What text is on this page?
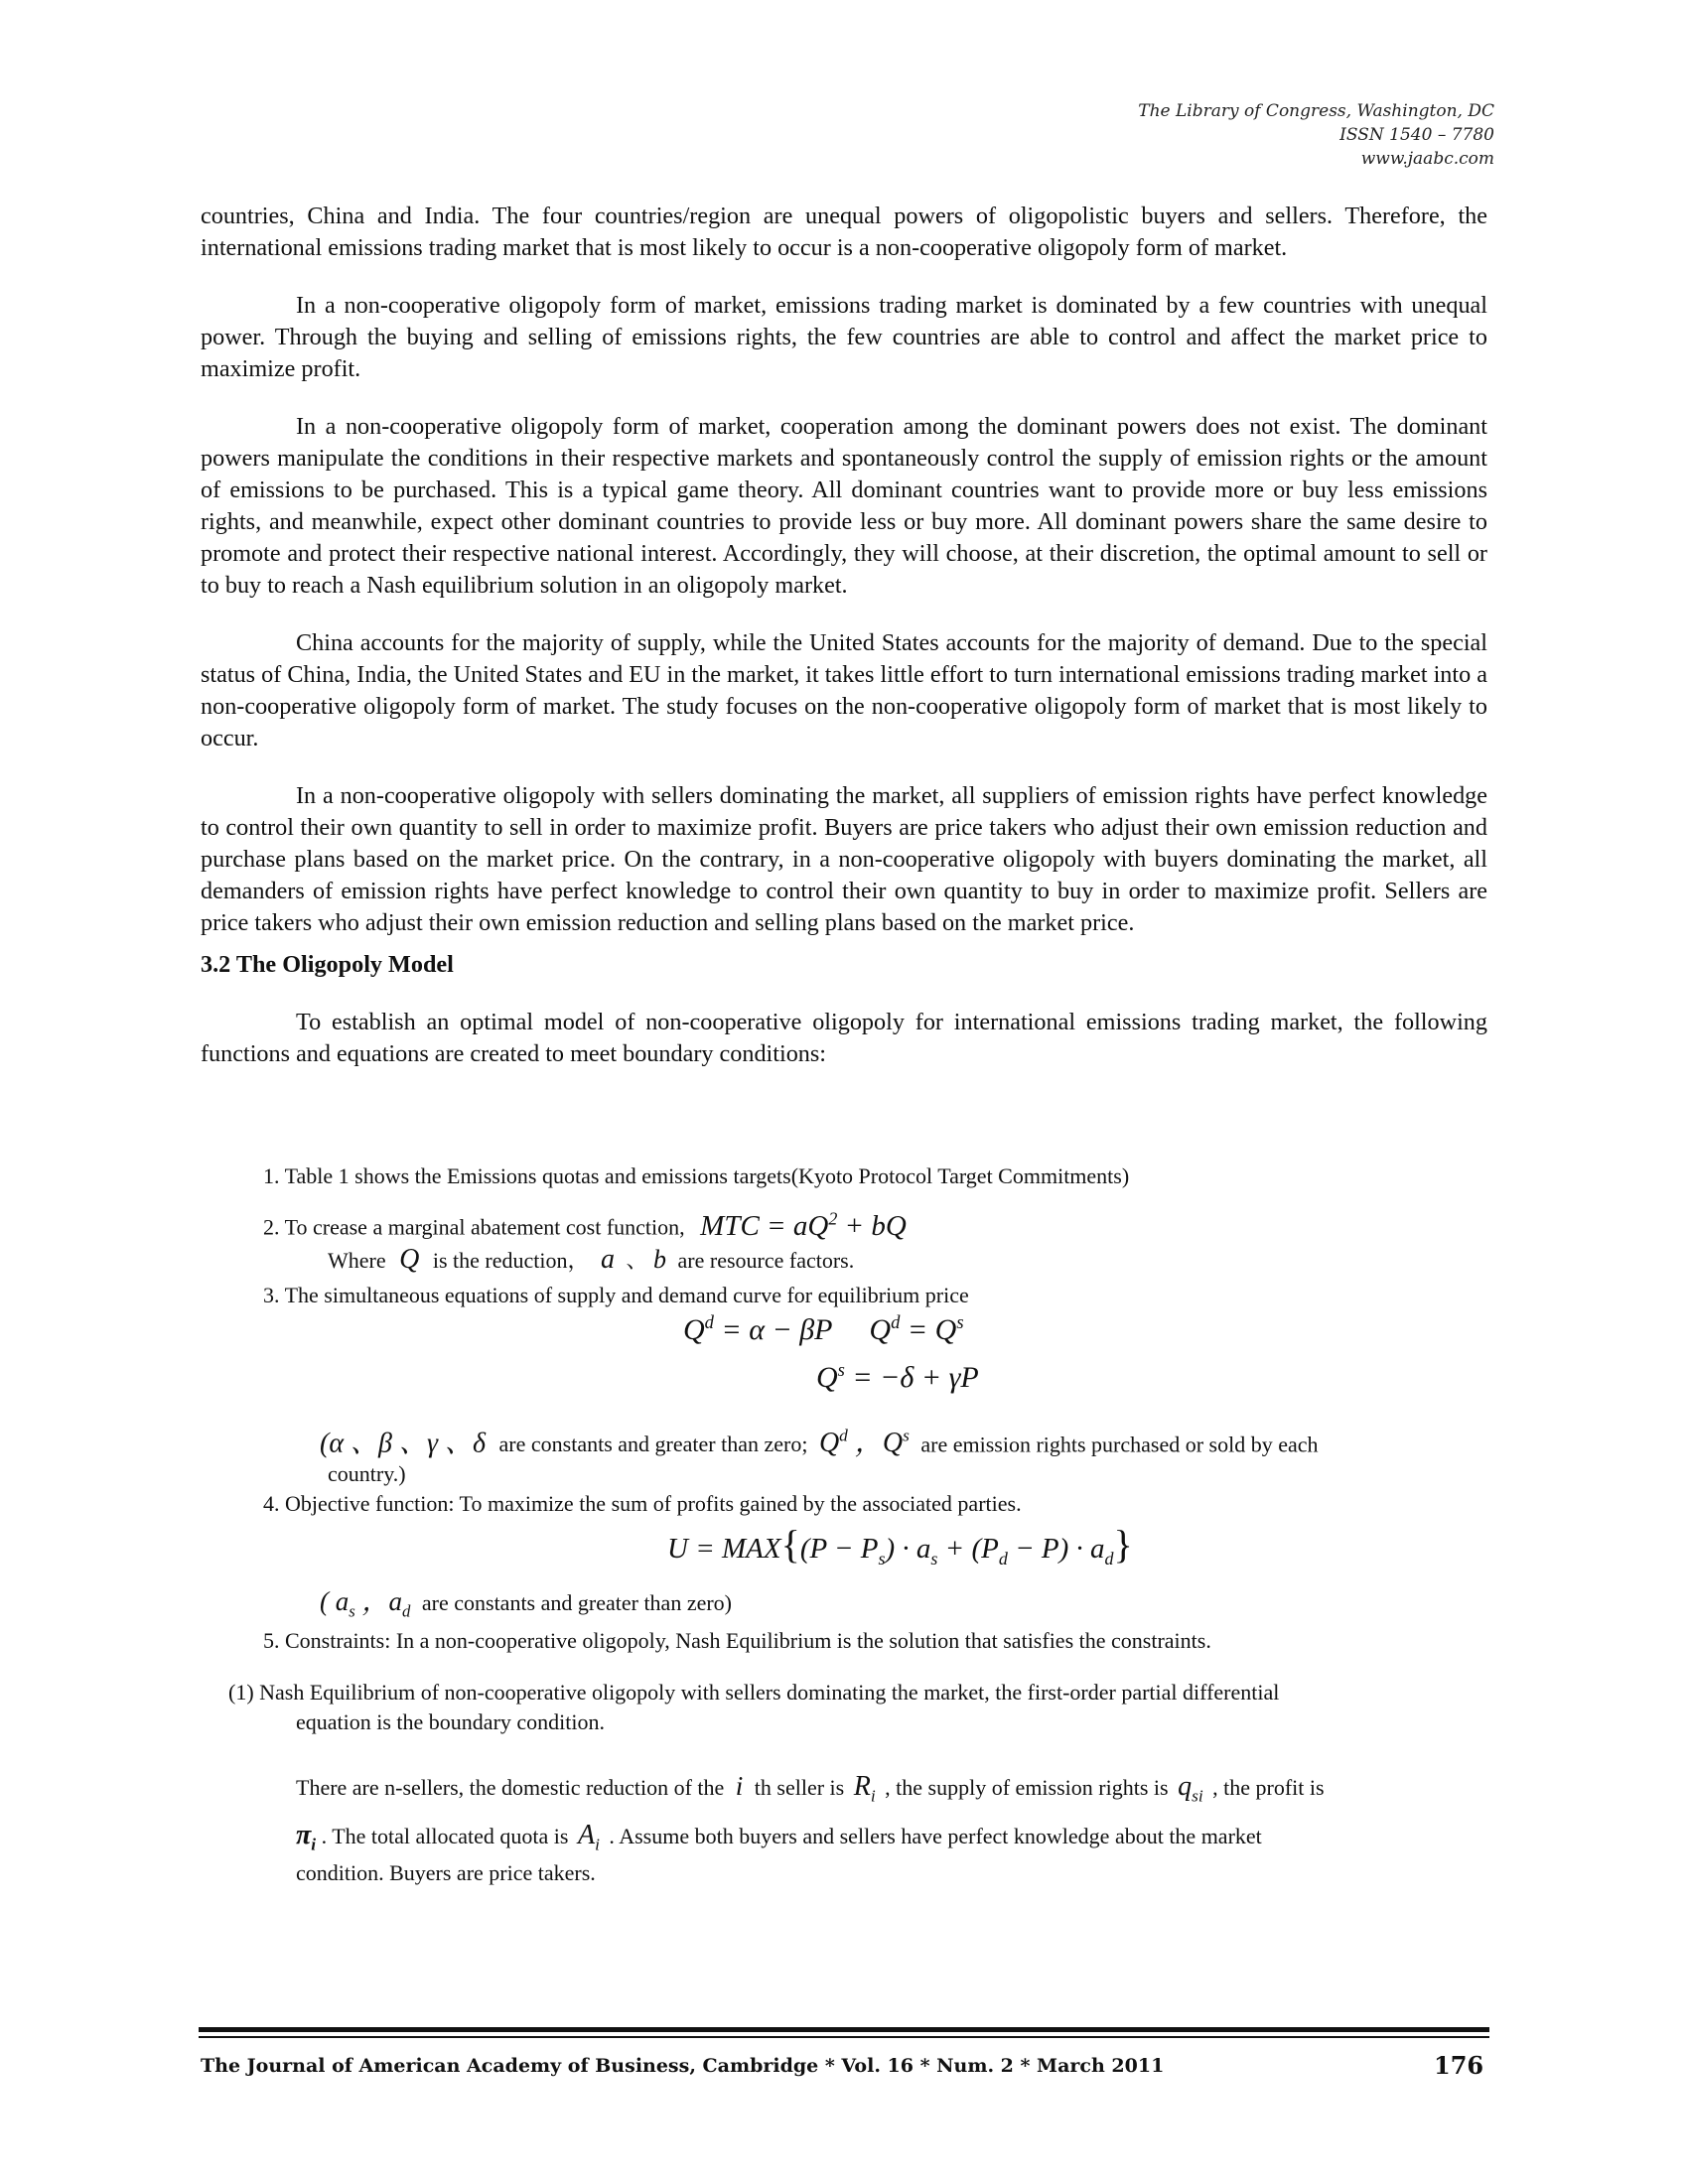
The Library of Congress, Washington, DC
ISSN 1540 – 7780
www.jaabc.com

countries, China and India. The four countries/region are unequal powers of oligopolistic buyers and sellers. Therefore, the international emissions trading market that is most likely to occur is a non-cooperative oligopoly form of market.

In a non-cooperative oligopoly form of market, emissions trading market is dominated by a few countries with unequal power. Through the buying and selling of emissions rights, the few countries are able to control and affect the market price to maximize profit.

In a non-cooperative oligopoly form of market, cooperation among the dominant powers does not exist. The dominant powers manipulate the conditions in their respective markets and spontaneously control the supply of emission rights or the amount of emissions to be purchased. This is a typical game theory. All dominant countries want to provide more or buy less emissions rights, and meanwhile, expect other dominant countries to provide less or buy more. All dominant powers share the same desire to promote and protect their respective national interest. Accordingly, they will choose, at their discretion, the optimal amount to sell or to buy to reach a Nash equilibrium solution in an oligopoly market.

China accounts for the majority of supply, while the United States accounts for the majority of demand. Due to the special status of China, India, the United States and EU in the market, it takes little effort to turn international emissions trading market into a non-cooperative oligopoly form of market. The study focuses on the non-cooperative oligopoly form of market that is most likely to occur.

In a non-cooperative oligopoly with sellers dominating the market, all suppliers of emission rights have perfect knowledge to control their own quantity to sell in order to maximize profit. Buyers are price takers who adjust their own emission reduction and purchase plans based on the market price. On the contrary, in a non-cooperative oligopoly with buyers dominating the market, all demanders of emission rights have perfect knowledge to control their own quantity to buy in order to maximize profit. Sellers are price takers who adjust their own emission reduction and selling plans based on the market price.

3.2 The Oligopoly Model

To establish an optimal model of non-cooperative oligopoly for international emissions trading market, the following functions and equations are created to meet boundary conditions:

1. Table 1 shows the Emissions quotas and emissions targets(Kyoto Protocol Target Commitments)
2. To crease a marginal abatement cost function, MTC = $aQ^2$ + bQ
Where Q is the reduction， a 、 b are resource factors.
3. The simultaneous equations of supply and demand curve for equilibrium price
$Q^d = \alpha - \beta P$     $Q^d = Q^s$
$Q^s = -\delta + \gamma P$
(α 、β 、γ 、δ are constants and greater than zero; $Q^d$ ，$Q^s$ are emission rights purchased or sold by each
country.)
4. Objective function: To maximize the sum of profits gained by the associated parties.
$U = MAX\{(P - P_s) \cdot a_s + (P_d - P) \cdot a_d\}$
( $a_s$ ，$a_d$ are constants and greater than zero)
5. Constraints: In a non-cooperative oligopoly, Nash Equilibrium is the solution that satisfies the constraints.
(1) Nash Equilibrium of non-cooperative oligopoly with sellers dominating the market, the first-order partial differential
equation is the boundary condition.
There are n-sellers, the domestic reduction of the i th seller is $R_i$ , the supply of emission rights is $q_{si}$ , the profit is
$\pi_i$ . The total allocated quota is $A_i$ . Assume both buyers and sellers have perfect knowledge about the market
condition. Buyers are price takers.
The Journal of American Academy of Business, Cambridge * Vol. 16 * Num. 2 * March 2011	176
